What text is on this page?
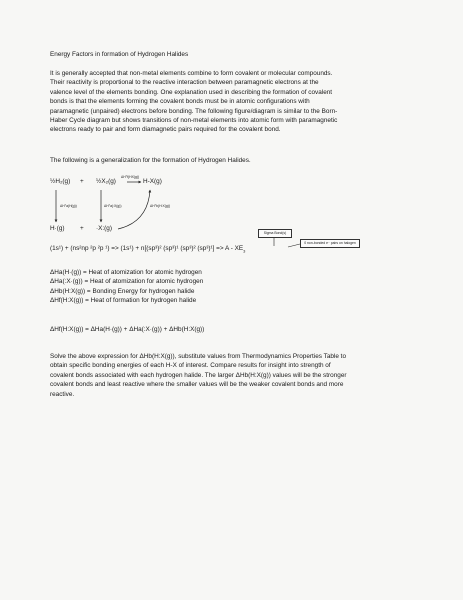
Energy Factors in formation of Hydrogen Halides
It is generally accepted that non-metal elements combine to form covalent or molecular compounds.
Their reactivity is proportional to the reactive interaction between paramagnetic electrons at the
valence level of the elements bonding. One explanation used in describing the formation of covalent
bonds is that the elements forming the covalent bonds must be in atomic configurations with
paramagnetic (unpaired) electrons before bonding. The following figure/diagram is similar to the Born-
Haber Cycle diagram but shows transitions of non-metal elements into atomic form with paramagnetic
electrons ready to pair and form diamagnetic pairs required for the covalent bond.
The following is a generalization for the formation of Hydrogen Halides.
½H₂(g) + ½X₂(g)	H-X(g)
ΔH°f(HX(g))
ΔH°a(H(g))	ΔH°a(:X(g))	ΔH°b(H:X(g))
H·(g) + ·X:(g)
Sigma Bond(s)
0 non-bonded e⁻ pairs on halogen
(1s¹) + (ns²np ²p ²p ¹) => (1s¹) + n[(sp³)² (sp³)¹ (sp³)² $(sp^3)^1] => A - XE_3$
ΔHa(H·(g)) = Heat of atomization for atomic hydrogen
ΔHa(:X·(g)) = Heat of atomization for atomic hydrogen
ΔHb(H:X(g)) = Bonding Energy for hydrogen halide
ΔHf(H:X(g)) = Heat of formation for hydrogen halide
ΔHf(H:X(g)) = ΔHa(H·(g)) + ΔHa(:X·(g)) + ΔHb(H:X(g))
Solve the above expression for ΔHb(H:X(g)), substitute values from Thermodynamics Properties Table to
obtain specific bonding energies of each H-X of interest. Compare results for insight into strength of
covalent bonds associated with each hydrogen halide. The larger ΔHb(H:X(g)) values will be the stronger
covalent bonds and least reactive where the smaller values will be the weaker covalent bonds and more
reactive.
